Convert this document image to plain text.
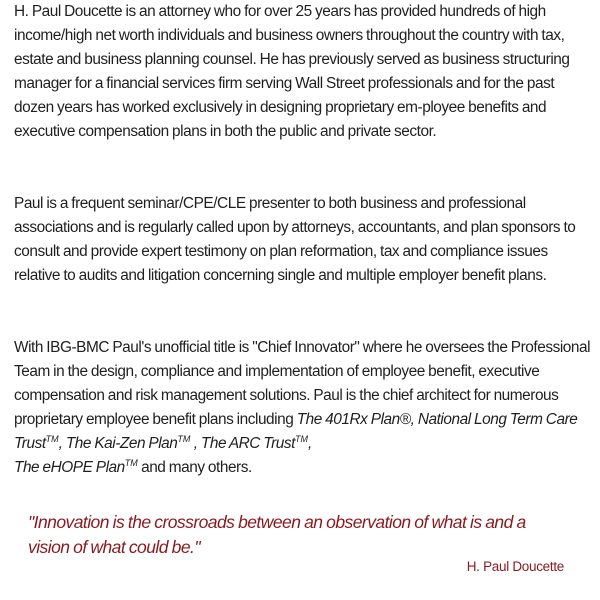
H. Paul Doucette is an attorney who for over 25 years has provided hundreds of high income/high net worth individuals and business owners throughout the country with tax, estate and business planning counsel. He has previously served as business structuring manager for a financial services firm serving Wall Street professionals and for the past dozen years has worked exclusively in designing proprietary em-ployee benefits and executive compensation plans in both the public and private sector.

Paul is a frequent seminar/CPE/CLE presenter to both business and professional associations and is regularly called upon by attorneys, accountants, and plan sponsors to consult and provide expert testimony on plan reformation, tax and compliance issues relative to audits and litigation concerning single and multiple employer benefit plans.

With IBG-BMC Paul's unofficial title is "Chief Innovator" where he oversees the Professional Team in the design, compliance and implementation of employee benefit, executive compensation and risk management solutions. Paul is the chief architect for numerous proprietary employee benefit plans including The 401Rx Plan®, National Long Term Care Trust™, The Kai-Zen Plan™ , The ARC Trust™,
The eHOPE Plan™ and many others.

"Innovation is the crossroads between an observation of what is and a vision of what could be."

H. Paul Doucette
